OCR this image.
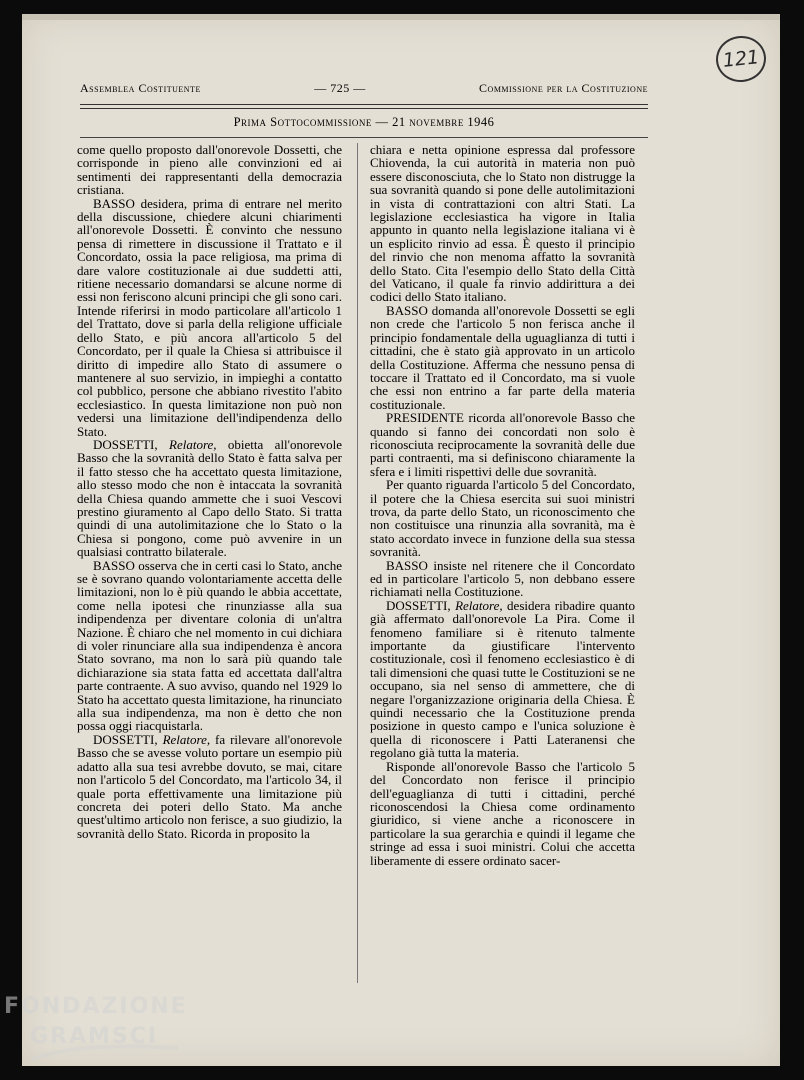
121
Assemblea Costituente	— 725 —	Commissione per la Costituzione
Prima Sottocommissione — 21 novembre 1946

come quello proposto dall'onorevole Dossetti, che corrisponde in pieno alle convinzioni ed ai sentimenti dei rappresentanti della democrazia cristiana.

BASSO desidera, prima di entrare nel merito della discussione, chiedere alcuni chiarimenti all'onorevole Dossetti. È convinto che nessuno pensa di rimettere in discussione il Trattato e il Concordato, ossia la pace religiosa, ma prima di dare valore costituzionale ai due suddetti atti, ritiene necessario domandarsi se alcune norme di essi non feriscono alcuni principi che gli sono cari. Intende riferirsi in modo particolare all'articolo 1 del Trattato, dove si parla della religione ufficiale dello Stato, e più ancora all'articolo 5 del Concordato, per il quale la Chiesa si attribuisce il diritto di impedire allo Stato di assumere o mantenere al suo servizio, in impieghi a contatto col pubblico, persone che abbiano rivestito l'abito ecclesiastico. In questa limitazione non può non vedersi una limitazione dell'indipendenza dello Stato.

DOSSETTI, Relatore, obietta all'onorevole Basso che la sovranità dello Stato è fatta salva per il fatto stesso che ha accettato questa limitazione, allo stesso modo che non è intaccata la sovranità della Chiesa quando ammette che i suoi Vescovi prestino giuramento al Capo dello Stato. Si tratta quindi di una autolimitazione che lo Stato o la Chiesa si pongono, come può avvenire in un qualsiasi contratto bilaterale.

BASSO osserva che in certi casi lo Stato, anche se è sovrano quando volontariamente accetta delle limitazioni, non lo è più quando le abbia accettate, come nella ipotesi che rinunziasse alla sua indipendenza per diventare colonia di un'altra Nazione. È chiaro che nel momento in cui dichiara di voler rinunciare alla sua indipendenza è ancora Stato sovrano, ma non lo sarà più quando tale dichiarazione sia stata fatta ed accettata dall'altra parte contraente. A suo avviso, quando nel 1929 lo Stato ha accettato questa limitazione, ha rinunciato alla sua indipendenza, ma non è detto che non possa oggi riacquistarla.

DOSSETTI, Relatore, fa rilevare all'onorevole Basso che se avesse voluto portare un esempio più adatto alla sua tesi avrebbe dovuto, se mai, citare non l'articolo 5 del Concordato, ma l'articolo 34, il quale porta effettivamente una limitazione più concreta dei poteri dello Stato. Ma anche quest'ultimo articolo non ferisce, a suo giudizio, la sovranità dello Stato. Ricorda in proposito la

chiara e netta opinione espressa dal professore Chiovenda, la cui autorità in materia non può essere disconosciuta, che lo Stato non distrugge la sua sovranità quando si pone delle autolimitazioni in vista di contrattazioni con altri Stati. La legislazione ecclesiastica ha vigore in Italia appunto in quanto nella legislazione italiana vi è un esplicito rinvio ad essa. È questo il principio del rinvio che non menoma affatto la sovranità dello Stato. Cita l'esempio dello Stato della Città del Vaticano, il quale fa rinvio addirittura a dei codici dello Stato italiano.

BASSO domanda all'onorevole Dossetti se egli non crede che l'articolo 5 non ferisca anche il principio fondamentale della uguaglianza di tutti i cittadini, che è stato già approvato in un articolo della Costituzione. Afferma che nessuno pensa di toccare il Trattato ed il Concordato, ma si vuole che essi non entrino a far parte della materia costituzionale.

PRESIDENTE ricorda all'onorevole Basso che quando si fanno dei concordati non solo è riconosciuta reciprocamente la sovranità delle due parti contraenti, ma si definiscono chiaramente la sfera e i limiti rispettivi delle due sovranità.

Per quanto riguarda l'articolo 5 del Concordato, il potere che la Chiesa esercita sui suoi ministri trova, da parte dello Stato, un riconoscimento che non costituisce una rinunzia alla sovranità, ma è stato accordato invece in funzione della sua stessa sovranità.

BASSO insiste nel ritenere che il Concordato ed in particolare l'articolo 5, non debbano essere richiamati nella Costituzione.

DOSSETTI, Relatore, desidera ribadire quanto già affermato dall'onorevole La Pira. Come il fenomeno familiare si è ritenuto talmente importante da giustificare l'intervento costituzionale, così il fenomeno ecclesiastico è di tali dimensioni che quasi tutte le Costituzioni se ne occupano, sia nel senso di ammettere, che di negare l'organizzazione originaria della Chiesa. È quindi necessario che la Costituzione prenda posizione in questo campo e l'unica soluzione è quella di riconoscere i Patti Lateranensi che regolano già tutta la materia.

Risponde all'onorevole Basso che l'articolo 5 del Concordato non ferisce il principio dell'eguaglianza di tutti i cittadini, perché riconoscendosi la Chiesa come ordinamento giuridico, si viene anche a riconoscere in particolare la sua gerarchia e quindi il legame che stringe ad essa i suoi ministri. Colui che accetta liberamente di essere ordinato sacer-

FONDAZIONE
GRAMSCI
